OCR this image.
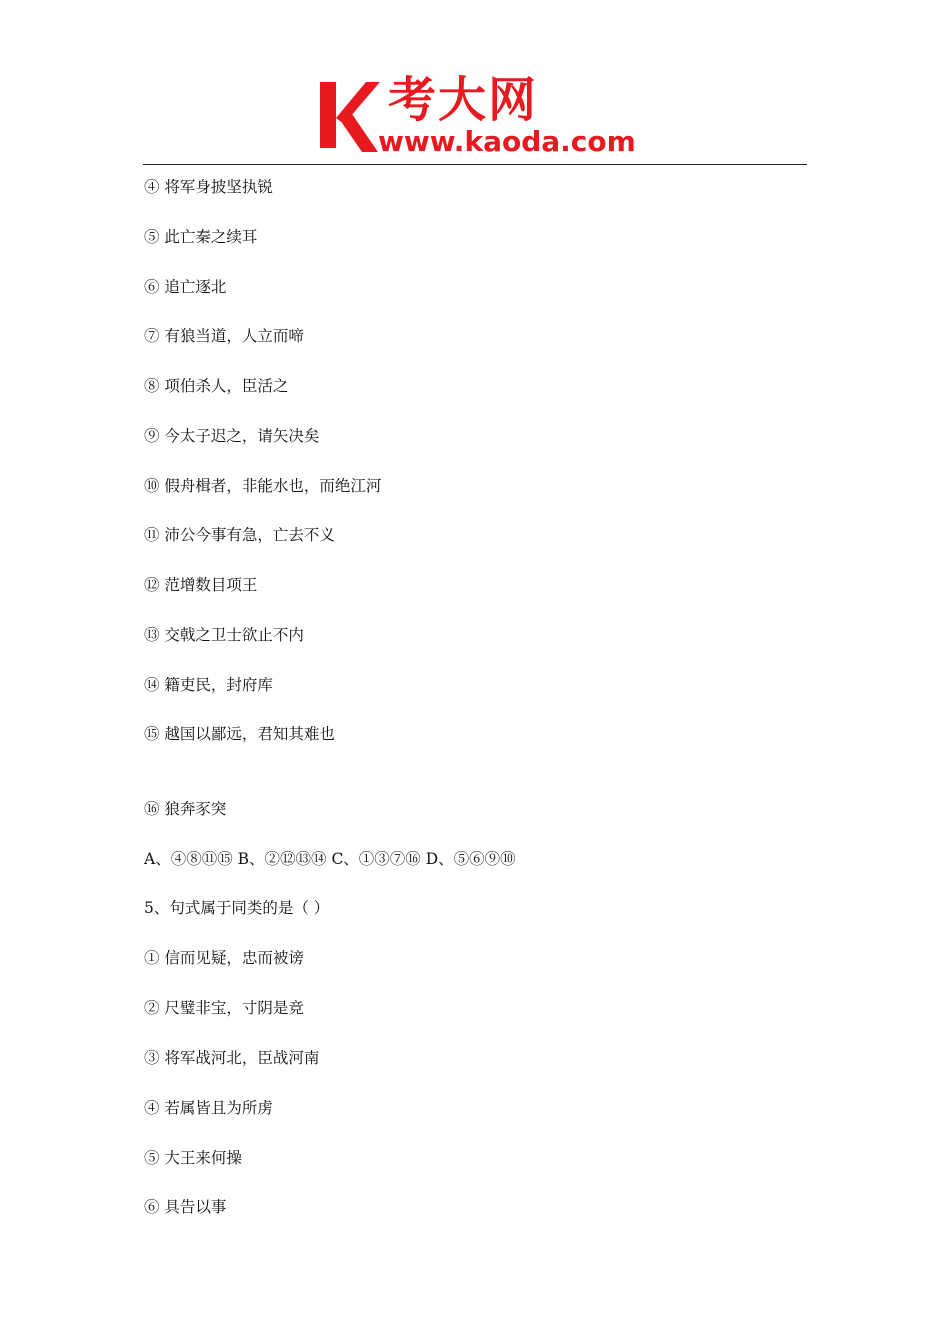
考大网
www.kaoda.com
④ 将军身披坚执锐
⑤ 此亡秦之续耳
⑥ 追亡逐北
⑦ 有狼当道，人立而啼
⑧ 项伯杀人，臣活之
⑨ 今太子迟之，请矢决矣
⑩ 假舟楫者，非能水也，而绝江河
⑪ 沛公今事有急，亡去不义
⑫ 范增数目项王
⑬ 交戟之卫士欲止不内
⑭ 籍吏民，封府库
⑮ 越国以鄙远，君知其难也
⑯ 狼奔豕突
A、④⑧⑪⑮ B、②⑫⑬⑭ C、①③⑦⑯ D、⑤⑥⑨⑩
5、句式属于同类的是（ ）
① 信而见疑，忠而被谤
② 尺璧非宝，寸阴是竞
③ 将军战河北，臣战河南
④ 若属皆且为所虏
⑤ 大王来何操
⑥ 具告以事
